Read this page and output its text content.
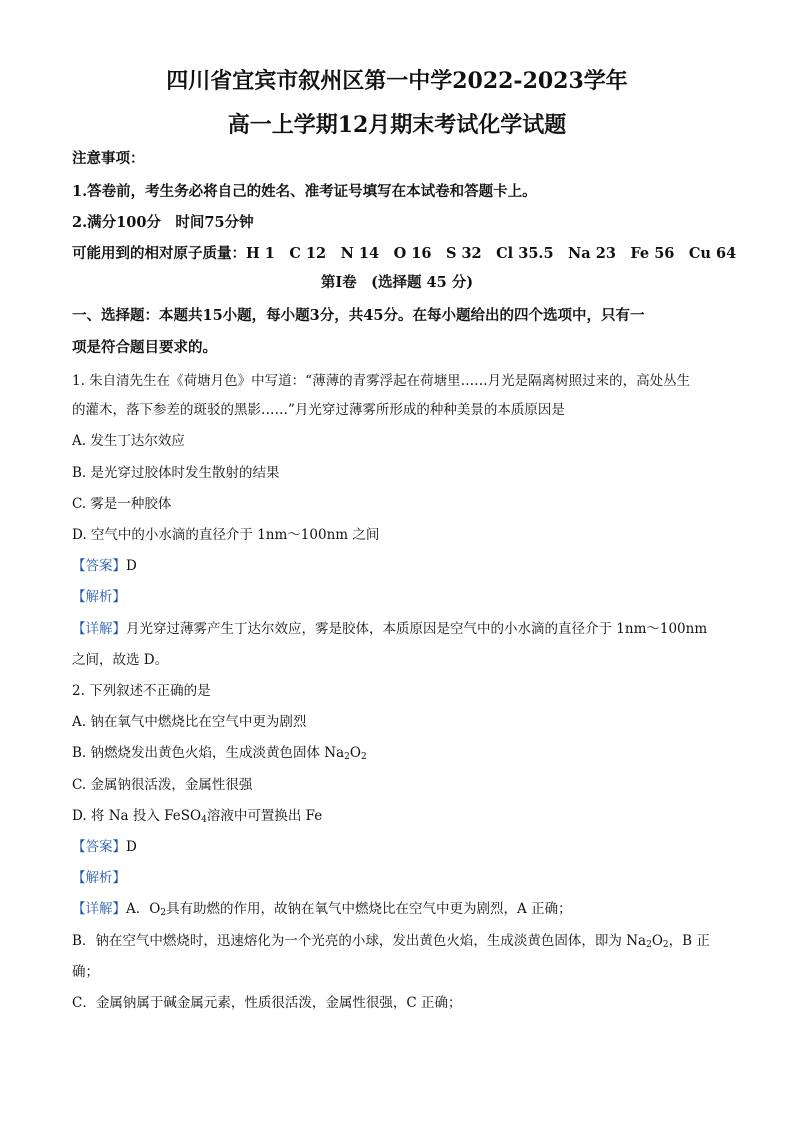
四川省宜宾市叙州区第一中学2022-2023学年
高一上学期12月期末考试化学试题
注意事项：
1.答卷前，考生务必将自己的姓名、准考证号填写在本试卷和答题卡上。
2.满分100分　时间75分钟
可能用到的相对原子质量：H 1　C 12　N 14　O 16　S 32　Cl 35.5　Na 23　Fe 56　Cu 64
第Ⅰ卷　(选择题 45 分)
一、选择题：本题共15小题，每小题3分，共45分。在每小题给出的四个选项中，只有一
项是符合题目要求的。
1. 朱自清先生在《荷塘月色》中写道：“薄薄的青雾浮起在荷塘里……月光是隔离树照过来的，高处丛生
的灌木，落下参差的斑驳的黑影……”月光穿过薄雾所形成的种种美景的本质原因是
A. 发生丁达尔效应
B. 是光穿过胶体时发生散射的结果
C. 雾是一种胶体
D. 空气中的小水滴的直径介于 1nm～100nm 之间
【答案】D
【解析】
【详解】月光穿过薄雾产生丁达尔效应，雾是胶体，本质原因是空气中的小水滴的直径介于 1nm～100nm
之间，故选 D。
2. 下列叙述不正确的是
A. 钠在氧气中燃烧比在空气中更为剧烈
B. 钠燃烧发出黄色火焰，生成淡黄色固体 $Na_2O_2$
C. 金属钠很活泼，金属性很强
D. 将 Na 投入 FeSO$_4$溶液中可置换出 Fe
【答案】D
【解析】
【详解】A．$O_2$具有助燃的作用，故钠在氧气中燃烧比在空气中更为剧烈，A 正确；
B．钠在空气中燃烧时，迅速熔化为一个光亮的小球，发出黄色火焰，生成淡黄色固体，即为 $Na_2O_2$，B 正
确；
C．金属钠属于碱金属元素，性质很活泼，金属性很强，C 正确；
